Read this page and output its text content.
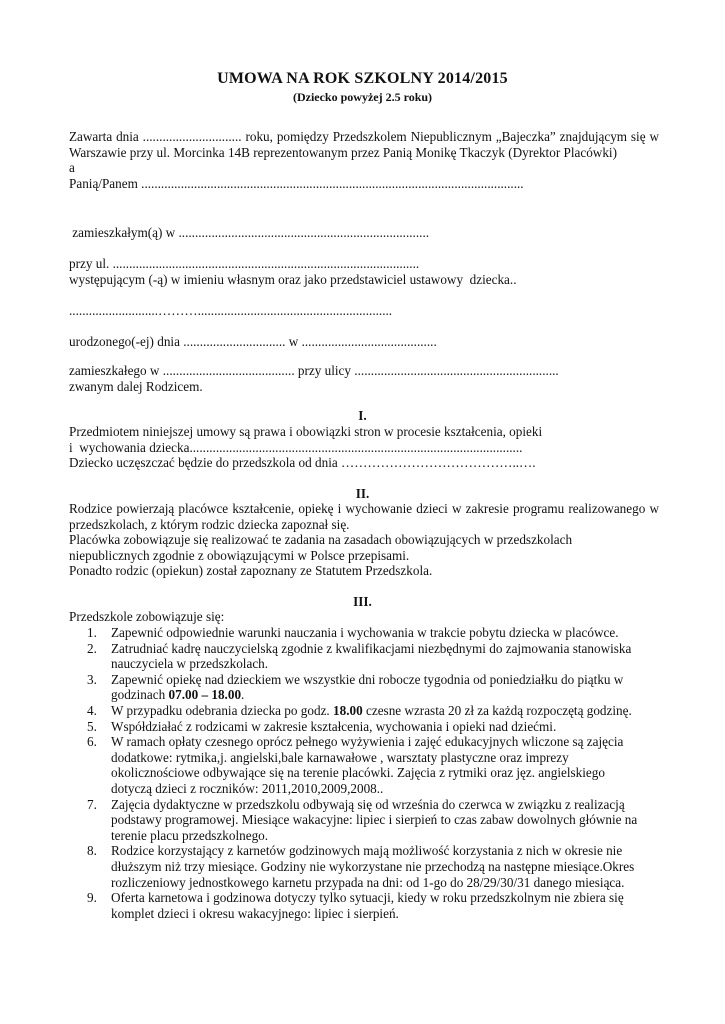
UMOWA NA ROK SZKOLNY 2014/2015
(Dziecko powyżej 2.5 roku)

Zawarta dnia .............................. roku, pomiędzy Przedszkolem Niepublicznym „Bajeczka” znajdującym się w Warszawie przy ul. Morcinka 14B reprezentowanym przez Panią Monikę Tkaczyk (Dyrektor Placówki)

a

Panią/Panem ....................................................................................................................

zamieszkałym(ą) w ............................................................................

przy ul. .............................................................................................

występującym (-ą) w imieniu własnym oraz jako przedstawiciel ustawowy  dziecka..

...........................………...........................................................

urodzonego(-ej) dnia ............................... w .........................................

zamieszkałego w ........................................ przy ulicy ..............................................................

zwanym dalej Rodzicem.

I.

Przedmiotem niniejszej umowy są prawa i obowiązki stron w procesie kształcenia, opieki

i  wychowania dziecka.....................................................................................................

Dziecko uczęszczać będzie do przedszkola od dnia …………………………………..….

II.

Rodzice powierzają placówce kształcenie, opiekę i wychowanie dzieci w zakresie programu realizowanego w przedszkolach, z którym rodzic dziecka zapoznał się.

Placówka zobowiązuje się realizować te zadania na zasadach obowiązujących w przedszkolach

niepublicznych zgodnie z obowiązującymi w Polsce przepisami.

Ponadto rodzic (opiekun) został zapoznany ze Statutem Przedszkola.

III.

Przedszkole zobowiązuje się:

1. Zapewnić odpowiednie warunki nauczania i wychowania w trakcie pobytu dziecka w placówce.
2. Zatrudniać kadrę nauczycielską zgodnie z kwalifikacjami niezbędnymi do zajmowania stanowiska
nauczyciela w przedszkolach.
3. Zapewnić opiekę nad dzieckiem we wszystkie dni robocze tygodnia od poniedziałku do piątku w
godzinach 07.00 – 18.00.
4. W przypadku odebrania dziecka po godz. 18.00 czesne wzrasta 20 zł za każdą rozpoczętą godzinę.
5. Współdziałać z rodzicami w zakresie kształcenia, wychowania i opieki nad dziećmi.
6. W ramach opłaty czesnego oprócz pełnego wyżywienia i zajęć edukacyjnych wliczone są zajęcia
dodatkowe: rytmika,j. angielski,bale karnawałowe , warsztaty plastyczne oraz imprezy
okolicznościowe odbywające się na terenie placówki. Zajęcia z rytmiki oraz jęz. angielskiego
dotyczą dzieci z roczników: 2011,2010,2009,2008..
7. Zajęcia dydaktyczne w przedszkolu odbywają się od września do czerwca w związku z realizacją
podstawy programowej. Miesiące wakacyjne: lipiec i sierpień to czas zabaw dowolnych głównie na
terenie placu przedszkolnego.
8. Rodzice korzystający z karnetów godzinowych mają możliwość korzystania z nich w okresie nie
dłuższym niż trzy miesiące. Godziny nie wykorzystane nie przechodzą na następne miesiące.Okres
rozliczeniowy jednostkowego karnetu przypada na dni: od 1-go do 28/29/30/31 danego miesiąca.
9. Oferta karnetowa i godzinowa dotyczy tylko sytuacji, kiedy w roku przedszkolnym nie zbiera się
komplet dzieci i okresu wakacyjnego: lipiec i sierpień.
